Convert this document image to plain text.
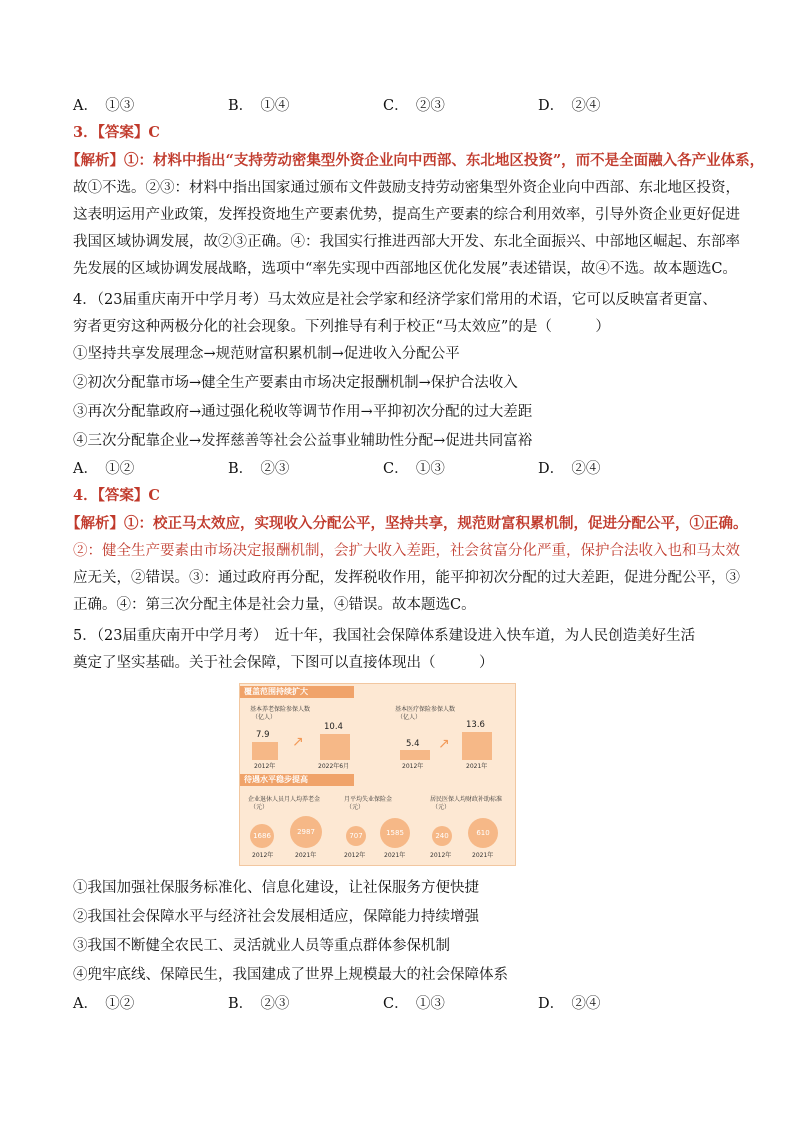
A．　①③	B．　①④	C．　②③	D．　②④
3．【答案】C
【解析】①：材料中指出“支持劳动密集型外资企业向中西部、东北地区投资”，而不是全面融入各产业体系，
故①不选。②③：材料中指出国家通过颁布文件鼓励支持劳动密集型外资企业向中西部、东北地区投资，
这表明运用产业政策，发挥投资地生产要素优势，提高生产要素的综合利用效率，引导外资企业更好促进
我国区域协调发展，故②③正确。④：我国实行推进西部大开发、东北全面振兴、中部地区崛起、东部率
先发展的区域协调发展战略，选项中“率先实现中西部地区优化发展”表述错误，故④不选。故本题选C。
4．（23届重庆南开中学月考）马太效应是社会学家和经济学家们常用的术语，它可以反映富者更富、
穷者更穷这种两极分化的社会现象。下列推导有利于校正“马太效应”的是（　　　）
①坚持共享发展理念→规范财富积累机制→促进收入分配公平
②初次分配靠市场→健全生产要素由市场决定报酬机制→保护合法收入
③再次分配靠政府→通过强化税收等调节作用→平抑初次分配的过大差距
④三次分配靠企业→发挥慈善等社会公益事业辅助性分配→促进共同富裕
A．　①②	B．　②③	C．　①③	D．　②④
4．【答案】C
【解析】①：校正马太效应，实现收入分配公平，坚持共享，规范财富积累机制，促进分配公平，①正确。
②：健全生产要素由市场决定报酬机制，会扩大收入差距，社会贫富分化严重，保护合法收入也和马太效
应无关，②错误。③：通过政府再分配，发挥税收作用，能平抑初次分配的过大差距，促进分配公平，③
正确。④：第三次分配主体是社会力量，④错误。故本题选C。
5．（23届重庆南开中学月考）　近十年，我国社会保障体系建设进入快车道，为人民创造美好生活
奠定了坚实基础。关于社会保障，下图可以直接体现出（　　　）
覆盖范围持续扩大
基本养老保险参保人数
（亿人）
7.9
10.4
↗
2012年	2022年6月
基本医疗保险参保人数
（亿人）
5.4
13.6
↗
2012年	2021年
待遇水平稳步提高
企业退休人员月人均养老金
（元）
1686	2987
2012年	2021年
月平均失业保险金
（元）
707	1585
2012年	2021年
居民医保人均财政补助标准
（元）
240	610
2012年	2021年
①我国加强社保服务标准化、信息化建设，让社保服务方便快捷
②我国社会保障水平与经济社会发展相适应，保障能力持续增强
③我国不断健全农民工、灵活就业人员等重点群体参保机制
④兜牢底线、保障民生，我国建成了世界上规模最大的社会保障体系
A．　①②	B．　②③	C．　①③	D．　②④
